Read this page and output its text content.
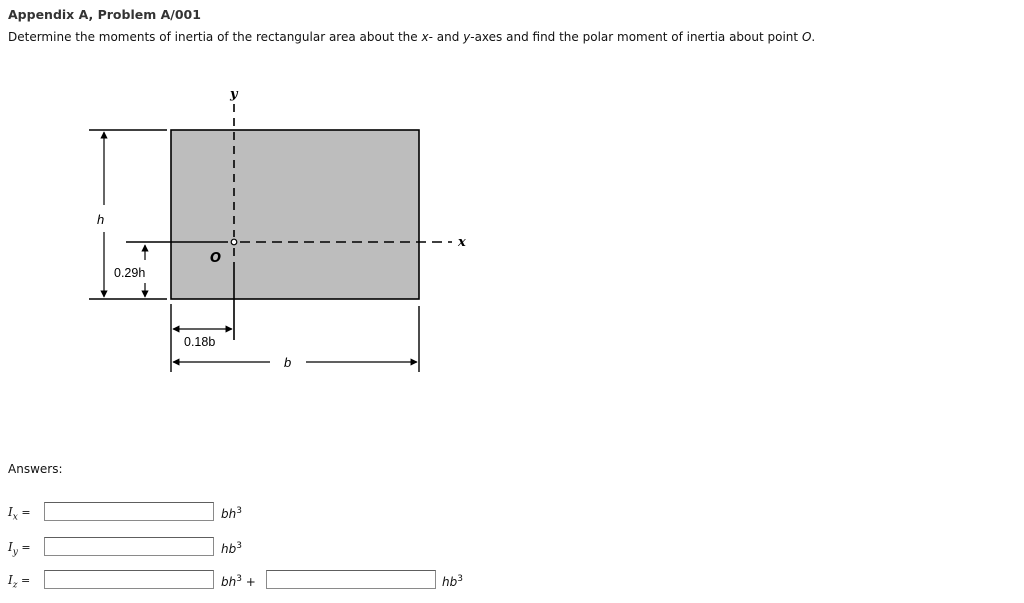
Appendix A, Problem A/001
Determine the moments of inertia of the rectangular area about the x- and y-axes and find the polar moment of inertia about point O.
y
x
h
O
0.29h
0.18b
b
Answers:
$I_x$ =	$bh^3$
$I_y$ =	$hb^3$
$I_z$ =	$bh^3$ +	$hb^3$
